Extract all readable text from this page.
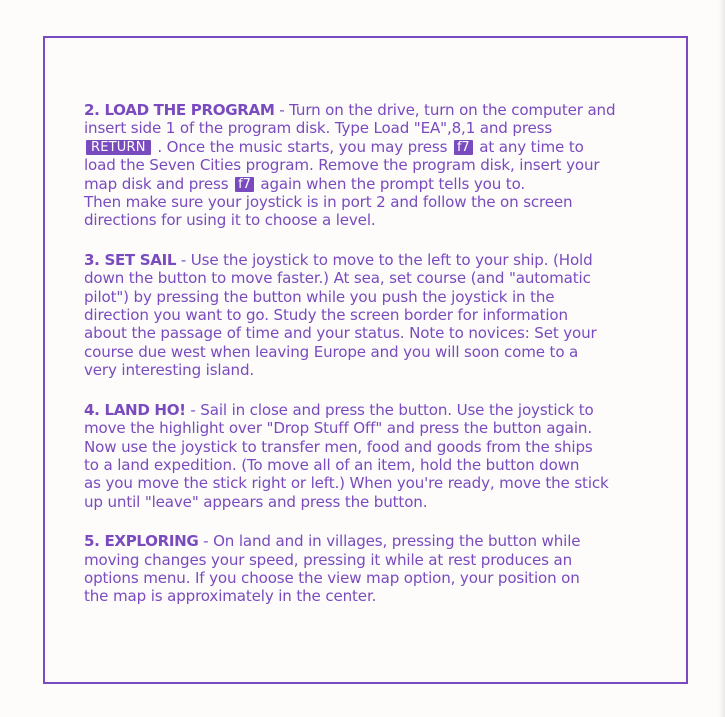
2. LOAD THE PROGRAM - Turn on the drive, turn on the computer and
insert side 1 of the program disk. Type Load "EA",8,1 and press
RETURN . Once the music starts, you may press f7 at any time to
load the Seven Cities program. Remove the program disk, insert your
map disk and press f7 again when the prompt tells you to.
Then make sure your joystick is in port 2 and follow the on screen
directions for using it to choose a level.
3. SET SAIL - Use the joystick to move to the left to your ship. (Hold
down the button to move faster.) At sea, set course (and "automatic
pilot") by pressing the button while you push the joystick in the
direction you want to go. Study the screen border for information
about the passage of time and your status. Note to novices: Set your
course due west when leaving Europe and you will soon come to a
very interesting island.
4. LAND HO! - Sail in close and press the button. Use the joystick to
move the highlight over "Drop Stuff Off" and press the button again.
Now use the joystick to transfer men, food and goods from the ships
to a land expedition. (To move all of an item, hold the button down
as you move the stick right or left.) When you're ready, move the stick
up until "leave" appears and press the button.
5. EXPLORING - On land and in villages, pressing the button while
moving changes your speed, pressing it while at rest produces an
options menu. If you choose the view map option, your position on
the map is approximately in the center.
